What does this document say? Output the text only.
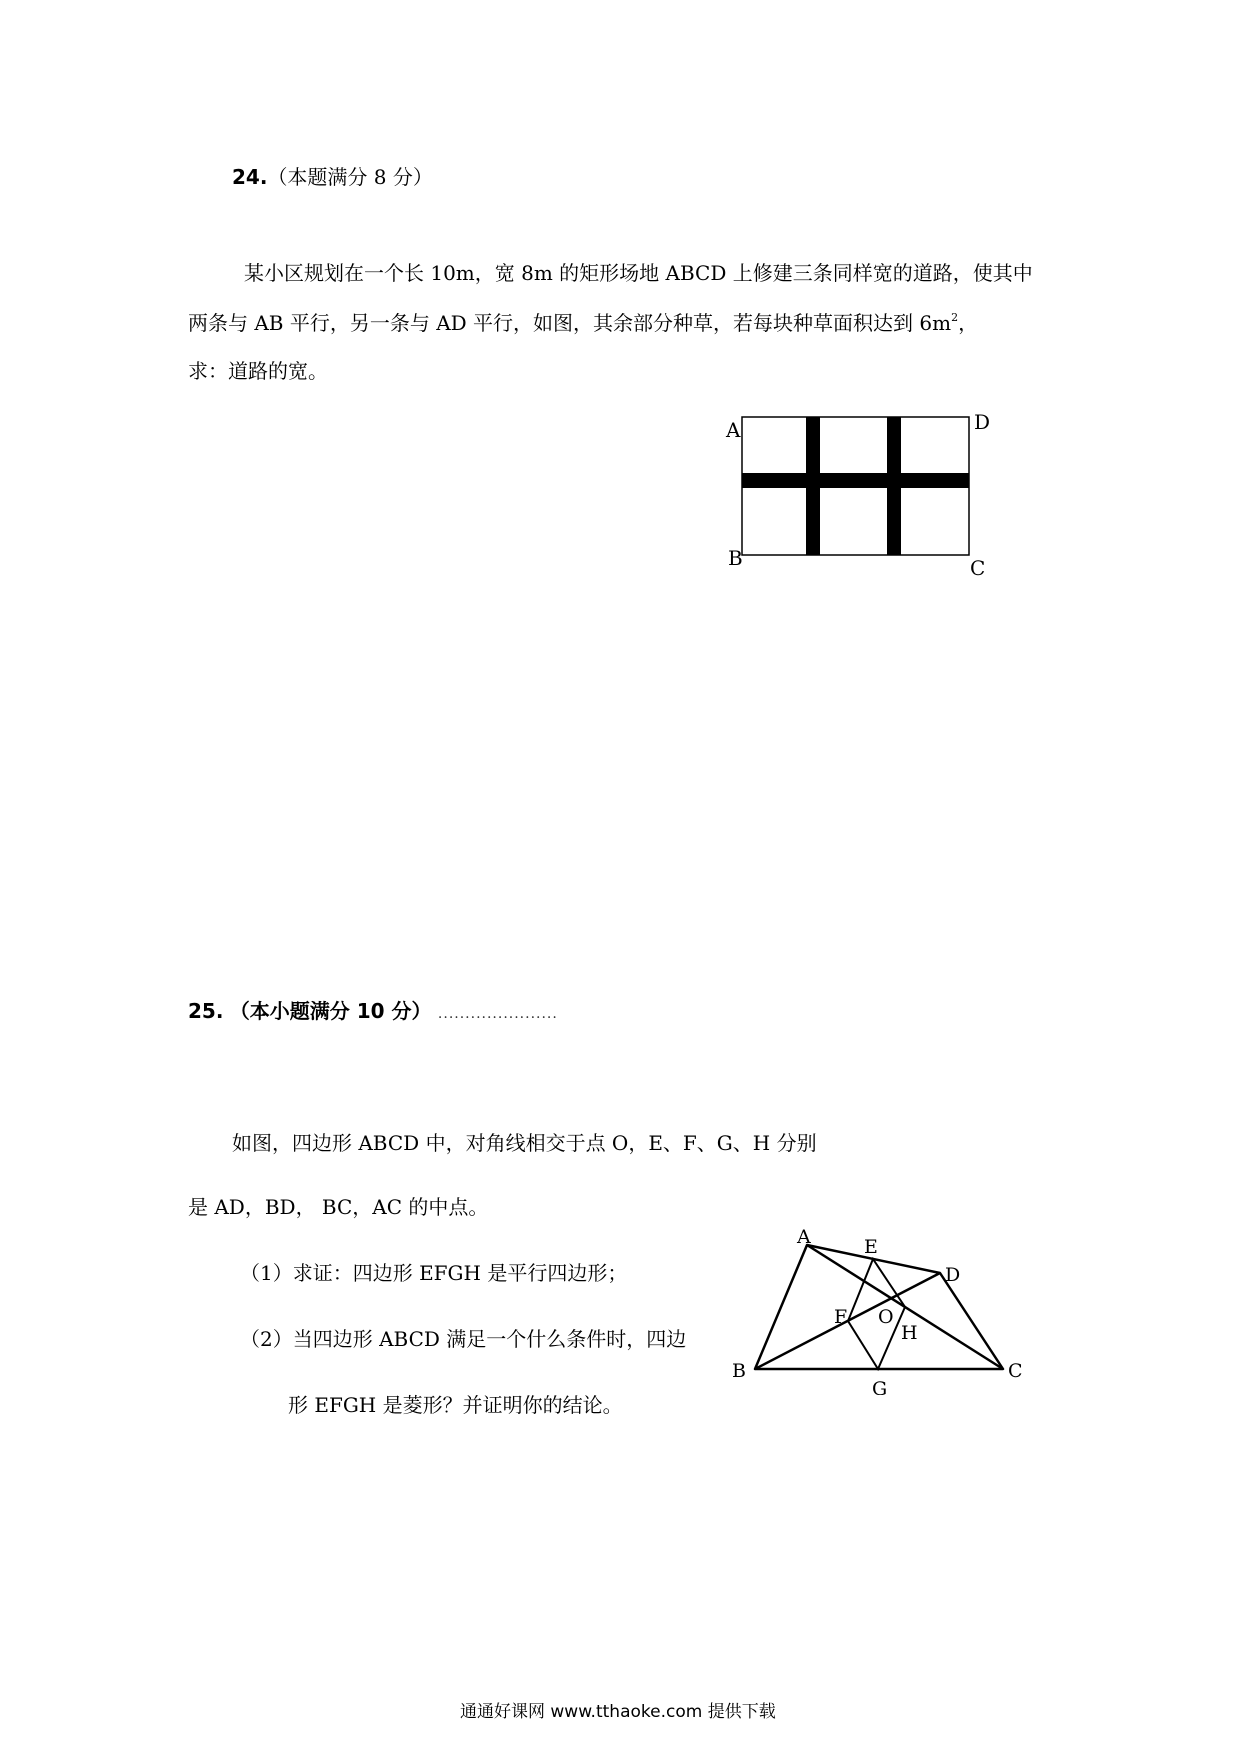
24.（本题满分 8 分）
某小区规划在一个长 10m，宽 8m 的矩形场地 ABCD 上修建三条同样宽的道路，使其中
两条与 AB 平行，另一条与 AD 平行，如图，其余部分种草，若每块种草面积达到 $6m^2$，
求：道路的宽。
A	D
B	C
25. （本小题满分 10 分） ......................
如图，四边形 ABCD 中，对角线相交于点 O，E、F、G、H 分别
是 AD，BD， BC，AC 的中点。
（1）求证：四边形 EFGH 是平行四边形；
（2）当四边形 ABCD 满足一个什么条件时，四边
形 EFGH 是菱形？并证明你的结论。
A	E
D
F O
H
B	C
G
通通好课网 www.tthaoke.com 提供下载
